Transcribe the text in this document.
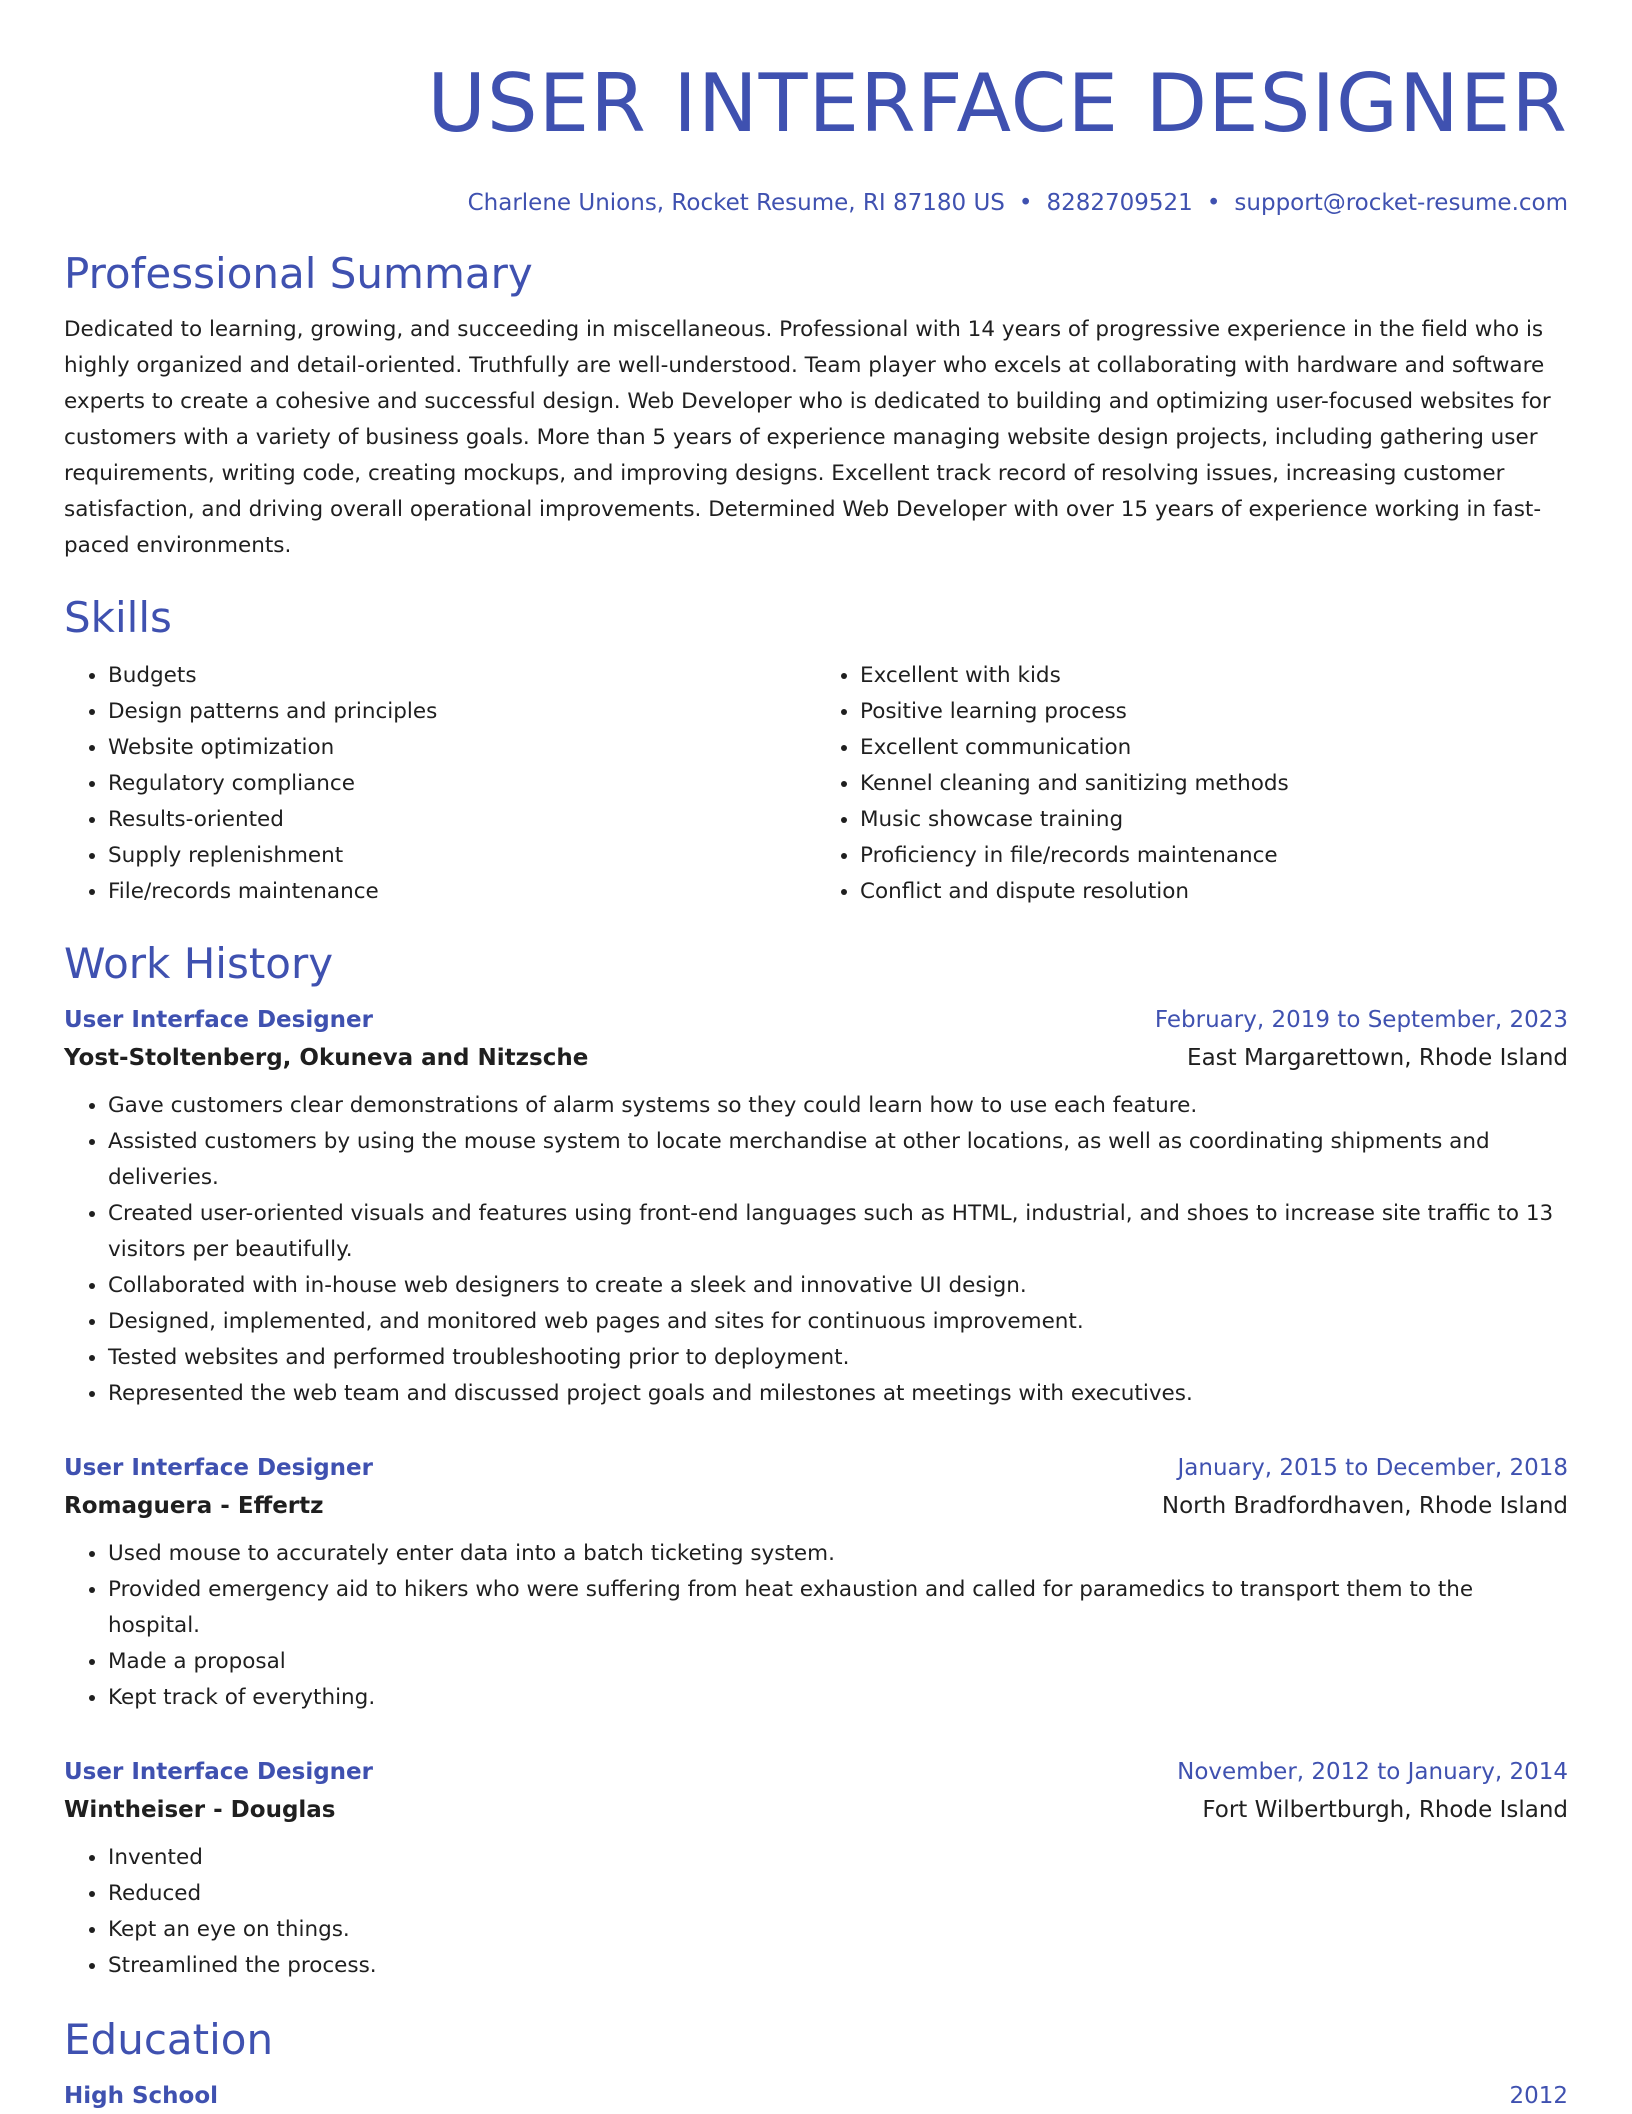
USER INTERFACE DESIGNER
Charlene Unions, Rocket Resume, RI 87180 US • 8282709521 • support@rocket-resume.com
Professional Summary
Dedicated to learning, growing, and succeeding in miscellaneous. Professional with 14 years of progressive experience in the field who is highly organized and detail-oriented. Truthfully are well-understood. Team player who excels at collaborating with hardware and software experts to create a cohesive and successful design. Web Developer who is dedicated to building and optimizing user-focused websites for customers with a variety of business goals. More than 5 years of experience managing website design projects, including gathering user requirements, writing code, creating mockups, and improving designs. Excellent track record of resolving issues, increasing customer satisfaction, and driving overall operational improvements. Determined Web Developer with over 15 years of experience working in fast-paced environments.
Skills
• Budgets
• Design patterns and principles
• Website optimization
• Regulatory compliance
• Results-oriented
• Supply replenishment
• File/records maintenance
• Excellent with kids
• Positive learning process
• Excellent communication
• Kennel cleaning and sanitizing methods
• Music showcase training
• Proficiency in file/records maintenance
• Conflict and dispute resolution
Work History
User Interface Designer	February, 2019 to September, 2023
Yost-Stoltenberg, Okuneva and Nitzsche	East Margarettown, Rhode Island
• Gave customers clear demonstrations of alarm systems so they could learn how to use each feature.
• Assisted customers by using the mouse system to locate merchandise at other locations, as well as coordinating shipments and deliveries.
• Created user-oriented visuals and features using front-end languages such as HTML, industrial, and shoes to increase site traffic to 13 visitors per beautifully.
• Collaborated with in-house web designers to create a sleek and innovative UI design.
• Designed, implemented, and monitored web pages and sites for continuous improvement.
• Tested websites and performed troubleshooting prior to deployment.
• Represented the web team and discussed project goals and milestones at meetings with executives.
User Interface Designer	January, 2015 to December, 2018
Romaguera - Effertz	North Bradfordhaven, Rhode Island
• Used mouse to accurately enter data into a batch ticketing system.
• Provided emergency aid to hikers who were suffering from heat exhaustion and called for paramedics to transport them to the hospital.
• Made a proposal
• Kept track of everything.
User Interface Designer	November, 2012 to January, 2014
Wintheiser - Douglas	Fort Wilbertburgh, Rhode Island
• Invented
• Reduced
• Kept an eye on things.
• Streamlined the process.
Education
High School	2012
